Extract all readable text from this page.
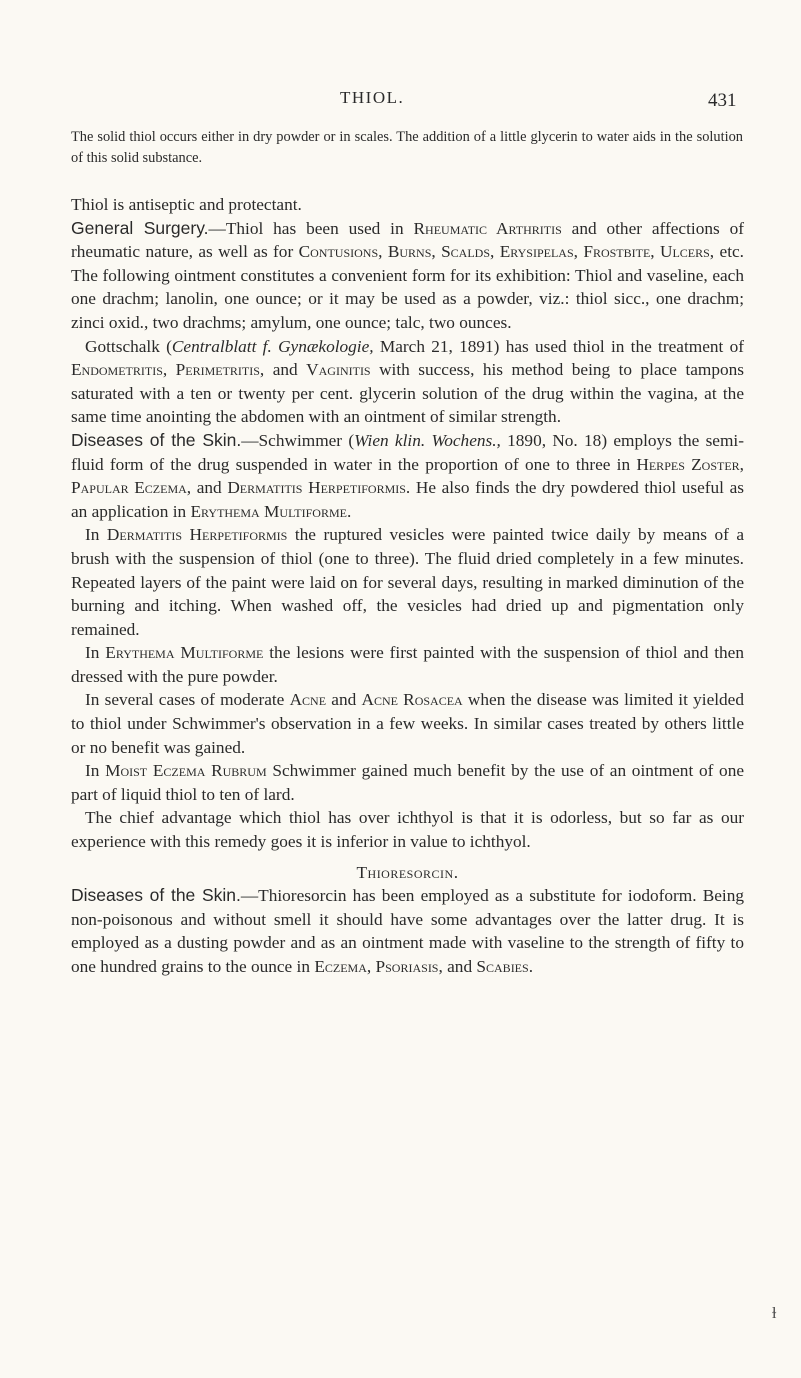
THIOL.	431
The solid thiol occurs either in dry powder or in scales. The addition of a little glycerin to water aids in the solution of this solid substance.

Thiol is antiseptic and protectant.

General Surgery.—Thiol has been used in Rheumatic Arthritis and other affections of rheumatic nature, as well as for Contusions, Burns, Scalds, Erysipelas, Frostbite, Ulcers, etc. The following ointment constitutes a convenient form for its exhibition: Thiol and vaseline, each one drachm; lanolin, one ounce; or it may be used as a powder, viz.: thiol sicc., one drachm; zinci oxid., two drachms; amylum, one ounce; talc, two ounces.

Gottschalk (Centralblatt f. Gynækologie, March 21, 1891) has used thiol in the treatment of Endometritis, Perimetritis, and Vaginitis with success, his method being to place tampons saturated with a ten or twenty per cent. glycerin solution of the drug within the vagina, at the same time anointing the abdomen with an ointment of similar strength.

Diseases of the Skin.—Schwimmer (Wien klin. Wochens., 1890, No. 18) employs the semi-fluid form of the drug suspended in water in the proportion of one to three in Herpes Zoster, Papular Eczema, and Dermatitis Herpetiformis. He also finds the dry powdered thiol useful as an application in Erythema Multiforme.

In Dermatitis Herpetiformis the ruptured vesicles were painted twice daily by means of a brush with the suspension of thiol (one to three). The fluid dried completely in a few minutes. Repeated layers of the paint were laid on for several days, resulting in marked diminution of the burning and itching. When washed off, the vesicles had dried up and pigmentation only remained.

In Erythema Multiforme the lesions were first painted with the suspension of thiol and then dressed with the pure powder.

In several cases of moderate Acne and Acne Rosacea when the disease was limited it yielded to thiol under Schwimmer's observation in a few weeks. In similar cases treated by others little or no benefit was gained.

In Moist Eczema Rubrum Schwimmer gained much benefit by the use of an ointment of one part of liquid thiol to ten of lard.

The chief advantage which thiol has over ichthyol is that it is odorless, but so far as our experience with this remedy goes it is inferior in value to ichthyol.

Thioresorcin.

Diseases of the Skin.—Thioresorcin has been employed as a substitute for iodoform. Being non-poisonous and without smell it should have some advantages over the latter drug. It is employed as a dusting powder and as an ointment made with vaseline to the strength of fifty to one hundred grains to the ounce in Eczema, Psoriasis, and Scabies.

ɫ
